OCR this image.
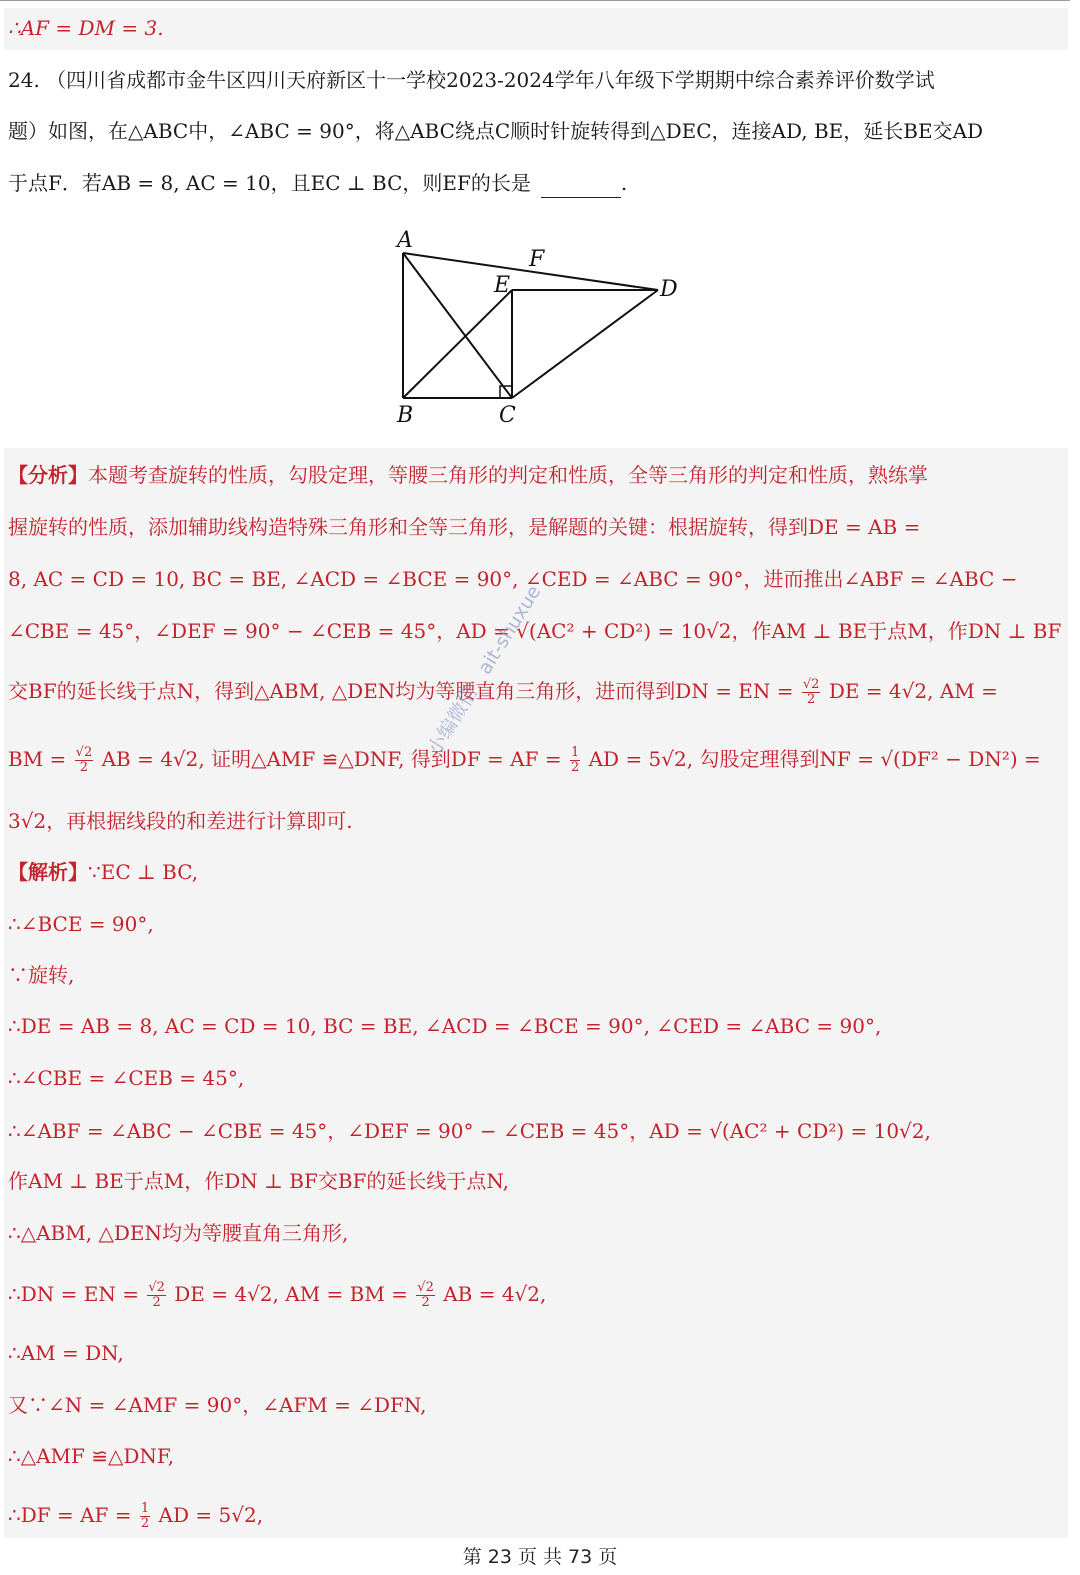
∴AF = DM = 3.
24. （四川省成都市金牛区四川天府新区十一学校2023-2024学年八年级下学期期中综合素养评价数学试
题）如图，在△ABC中，∠ABC = 90°，将△ABC绕点C顺时针旋转得到△DEC，连接AD, BE，延长BE交AD
于点F．若AB = 8, AC = 10，且EC ⊥ BC，则EF的长是	.
A
B	C
D
E
F
【分析】本题考查旋转的性质，勾股定理，等腰三角形的判定和性质，全等三角形的判定和性质，熟练掌
握旋转的性质，添加辅助线构造特殊三角形和全等三角形，是解题的关键：根据旋转，得到DE = AB =
8, AC = CD = 10, BC = BE, ∠ACD = ∠BCE = 90°, ∠CED = ∠ABC = 90°，进而推出∠ABF = ∠ABC −
∠CBE = 45°，∠DEF = 90° − ∠CEB = 45°，AD = √(AC² + CD²) = 10√2，作AM ⊥ BE于点M，作DN ⊥ BF
交BF的延长线于点N，得到△ABM, △DEN均为等腰直角三角形，进而得到DN = EN = $\frac{√2}{2}$ DE = 4√2, AM =
BM = $\frac{√2}{2}$ AB = 4√2, 证明△AMF ≌△DNF, 得到DF = AF = $\frac{1}{2}$ AD = 5√2, 勾股定理得到NF = √(DF² − DN²) =
3√2，再根据线段的和差进行计算即可.
【解析】∵EC ⊥ BC,
∴∠BCE = 90°,
∵旋转,
∴DE = AB = 8, AC = CD = 10, BC = BE, ∠ACD = ∠BCE = 90°, ∠CED = ∠ABC = 90°,
∴∠CBE = ∠CEB = 45°,
∴∠ABF = ∠ABC − ∠CBE = 45°，∠DEF = 90° − ∠CEB = 45°，AD = √(AC² + CD²) = 10√2,
作AM ⊥ BE于点M，作DN ⊥ BF交BF的延长线于点N,
∴△ABM, △DEN均为等腰直角三角形,
∴DN = EN = $\frac{√2}{2}$ DE = 4√2, AM = BM = $\frac{√2}{2}$ AB = 4√2,
∴AM = DN,
又∵∠N = ∠AMF = 90°，∠AFM = ∠DFN,
∴△AMF ≌△DNF,
∴DF = AF = $\frac{1}{2}$ AD = 5√2,
小编微信：ait-shuxue
第 23 页 共 73 页
